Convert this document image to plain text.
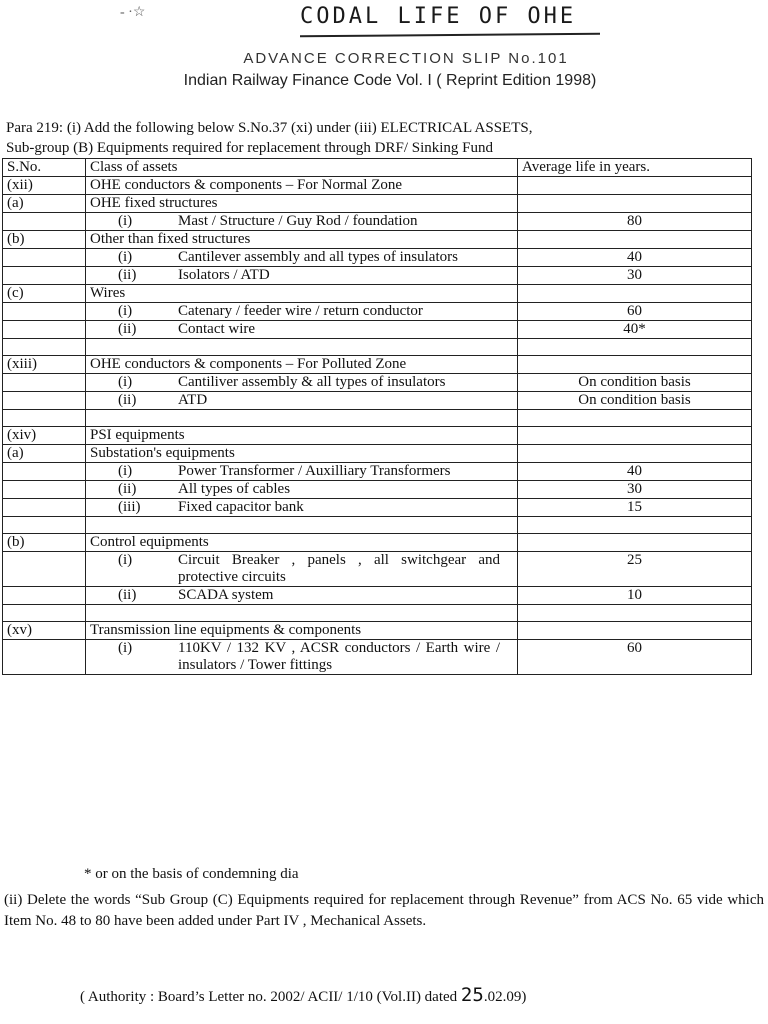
- ·☆	CODAL LIFE OF OHE
ADVANCE CORRECTION SLIP No.101
Indian Railway Finance Code Vol. I ( Reprint Edition 1998)
Para 219: (i) Add the following below S.No.37 (xi) under (iii) ELECTRICAL ASSETS,
Sub-group (B) Equipments required for replacement through DRF/ Sinking Fund
S.No.	Class of assets	Average life in years.
(xii)	OHE conductors & components – For Normal Zone	
(a)	OHE fixed structures	
	(i) Mast / Structure / Guy Rod / foundation	80
(b)	Other than fixed structures	
	(i) Cantilever assembly and all types of insulators	40
	(ii) Isolators / ATD	30
(c)	Wires	
	(i) Catenary / feeder wire / return conductor	60
	(ii) Contact wire	40*

(xiii)	OHE conductors & components – For Polluted Zone	
	(i) Cantiliver assembly & all types of insulators	On condition basis
	(ii) ATD	On condition basis

(xiv)	PSI equipments	
(a)	Substation's equipments	
	(i) Power Transformer / Auxilliary Transformers	40
	(ii) All types of cables	30
	(iii) Fixed capacitor bank	15

(b)	Control equipments	
	(i) Circuit Breaker , panels , all switchgear and protective circuits	25
	(ii) SCADA system	10

(xv)	Transmission line equipments & components	
	(i) 110KV / 132 KV , ACSR conductors / Earth wire / insulators / Tower fittings	60
* or on the basis of condemning dia
(ii) Delete the words “Sub Group (C) Equipments required for replacement through Revenue” from ACS No. 65 vide which Item No. 48 to 80 have been added under Part IV , Mechanical Assets.
( Authority : Board’s Letter no. 2002/ ACII/ 1/10 (Vol.II) dated 25.02.09)
